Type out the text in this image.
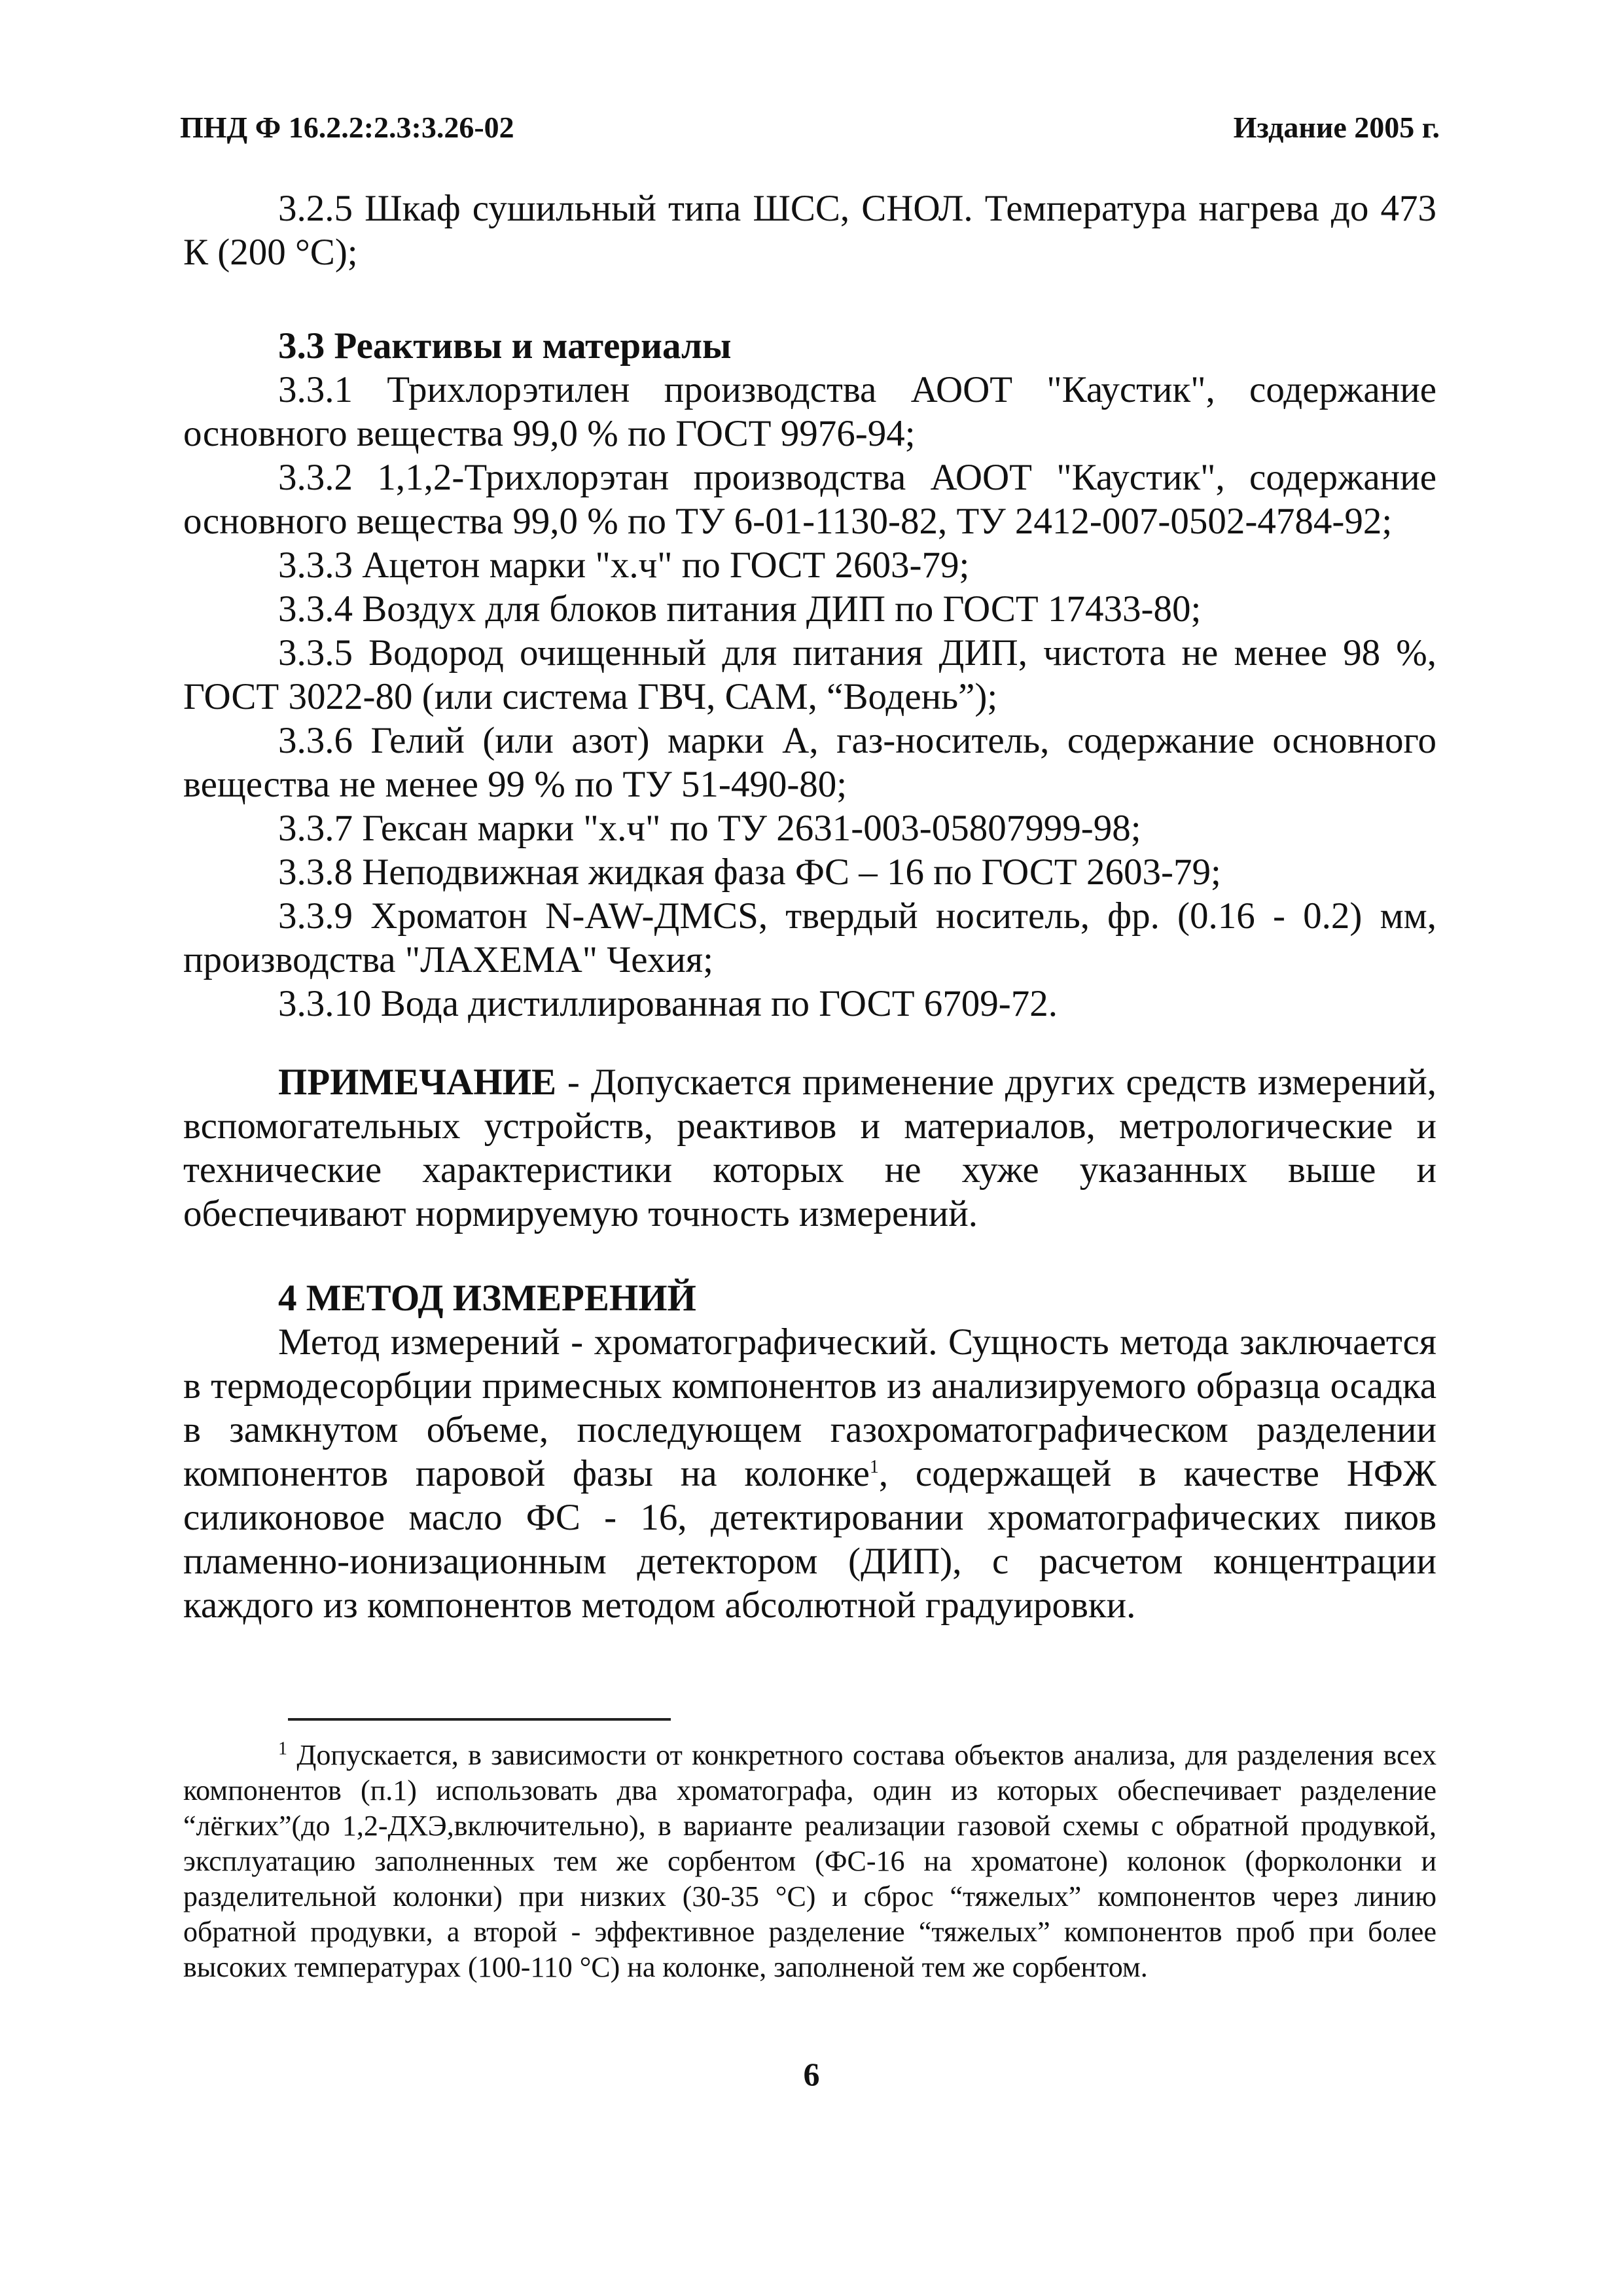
ПНД Ф 16.2.2:2.3:3.26-02	Издание 2005 г.

3.2.5 Шкаф сушильный типа ШСС, СНОЛ. Температура нагрева до 473 К (200 °С);

3.3 Реактивы и материалы

3.3.1 Трихлорэтилен производства АООТ "Каустик", содержание основного вещества 99,0 % по ГОСТ 9976-94;

3.3.2 1,1,2-Трихлорэтан производства АООТ "Каустик", содержание основного вещества 99,0 % по ТУ 6-01-1130-82, ТУ 2412-007-0502-4784-92;

3.3.3 Ацетон марки "х.ч" по ГОСТ 2603-79;

3.3.4 Воздух для блоков питания ДИП по ГОСТ 17433-80;

3.3.5 Водород очищенный для питания ДИП, чистота не менее 98 %, ГОСТ 3022-80 (или система ГВЧ, САМ, “Водень”);

3.3.6 Гелий (или азот) марки А, газ-носитель, содержание основного вещества не менее 99 % по ТУ 51-490-80;

3.3.7 Гексан марки "х.ч" по ТУ 2631-003-05807999-98;

3.3.8 Неподвижная жидкая фаза ФС – 16 по ГОСТ 2603-79;

3.3.9 Хроматон N-AW-ДМCS, твердый носитель, фр. (0.16 - 0.2) мм, производства "ЛАХЕМА" Чехия;

3.3.10 Вода дистиллированная по ГОСТ 6709-72.

ПРИМЕЧАНИЕ - Допускается применение других средств измерений, вспомогательных устройств, реактивов и материалов, метрологические и технические характеристики которых не хуже указанных выше и обеспечивают нормируемую точность измерений.

4 МЕТОД ИЗМЕРЕНИЙ

Метод измерений - хроматографический. Сущность метода заключается в термодесорбции примесных компонентов из анализируемого образца осадка в замкнутом объеме, последующем газохроматографическом разделении компонентов паровой фазы на колонке$^1$, содержащей в качестве НФЖ силиконовое масло ФС - 16, детектировании хроматографических пиков пламенно-ионизационным детектором (ДИП), с расчетом концентрации каждого из компонентов методом абсолютной градуировки.

$^1$ Допускается, в зависимости от конкретного состава объектов анализа, для разделения всех компонентов (п.1) использовать два хроматографа, один из которых обеспечивает разделение “лёгких”(до 1,2-ДХЭ,включительно), в варианте реализации газовой схемы с обратной продувкой, эксплуатацию заполненных тем же сорбентом (ФС-16 на хроматоне) колонок (форколонки и разделительной колонки) при низких (30-35 °С) и сброс “тяжелых” компонентов через линию обратной продувки, а второй - эффективное разделение “тяжелых” компонентов проб при более высоких температурах (100-110 °С) на колонке, заполненой тем же сорбентом.

6
